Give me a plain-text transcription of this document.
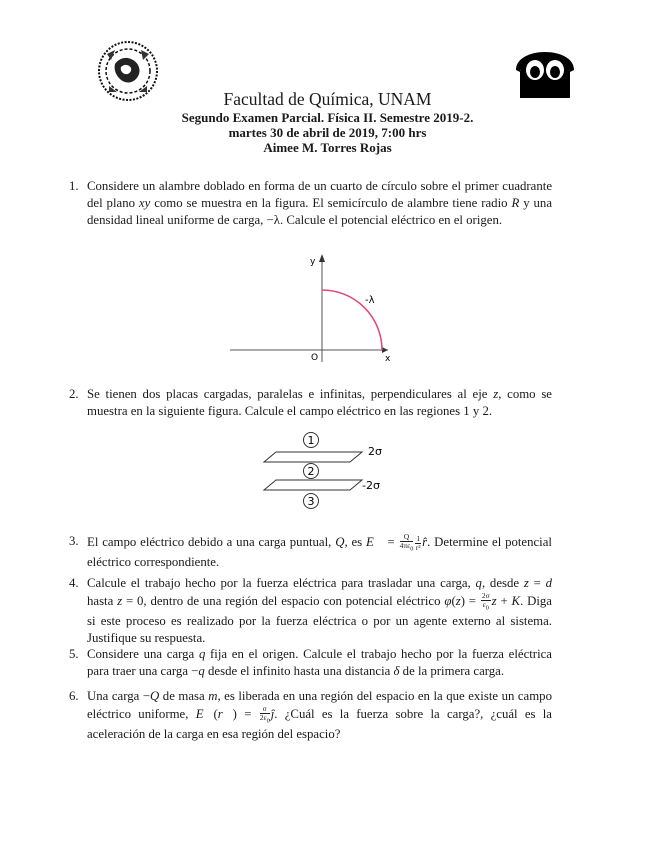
Facultad de Química, UNAM
Segundo Examen Parcial. Física II. Semestre 2019-2.
martes 30 de abril de 2019, 7:00 hrs
Aimee M. Torres Rojas
1. Considere un alambre doblado en forma de un cuarto de círculo sobre el primer cuadrante del plano xy como se muestra en la figura. El semicírculo de alambre tiene radio R y una densidad lineal uniforme de carga, −λ. Calcule el potencial eléctrico en el origen.

y
x
O
-λ
2. Se tienen dos placas cargadas, paralelas e infinitas, perpendiculares al eje z, como se muestra en la siguiente figura. Calcule el campo eléctrico en las regiones 1 y 2.

1
2
3
2σ
-2σ
3. El campo eléctrico debido a una carga puntual, Q, es E⃗ = $\frac{Q}{4\pi\varepsilon_0} \frac{1}{\text{r²}}$ r̂. Determine el potencial eléctrico correspondiente.

4. Calcule el trabajo hecho por la fuerza eléctrica para trasladar una carga, q, desde z = d hasta z = 0, dentro de una región del espacio con potencial eléctrico $\varphi(z) = \frac{2\sigma}{\varepsilon_0}$ z + K. Diga si este proceso es realizado por la fuerza eléctrica o por un agente externo al sistema. Justifique su respuesta.

5. Considere una carga q fija en el origen. Calcule el trabajo hecho por la fuerza eléctrica para traer una carga −q desde el infinito hasta una distancia δ de la primera carga.

6. Una carga −Q de masa m, es liberada en una región del espacio en la que existe un campo eléctrico uniforme, E⃗(r⃗) = $\frac{\sigma}{2\varepsilon_0}$ ĵ. ¿Cuál es la fuerza sobre la carga?, ¿cuál es la aceleración de la carga en esa región del espacio?
